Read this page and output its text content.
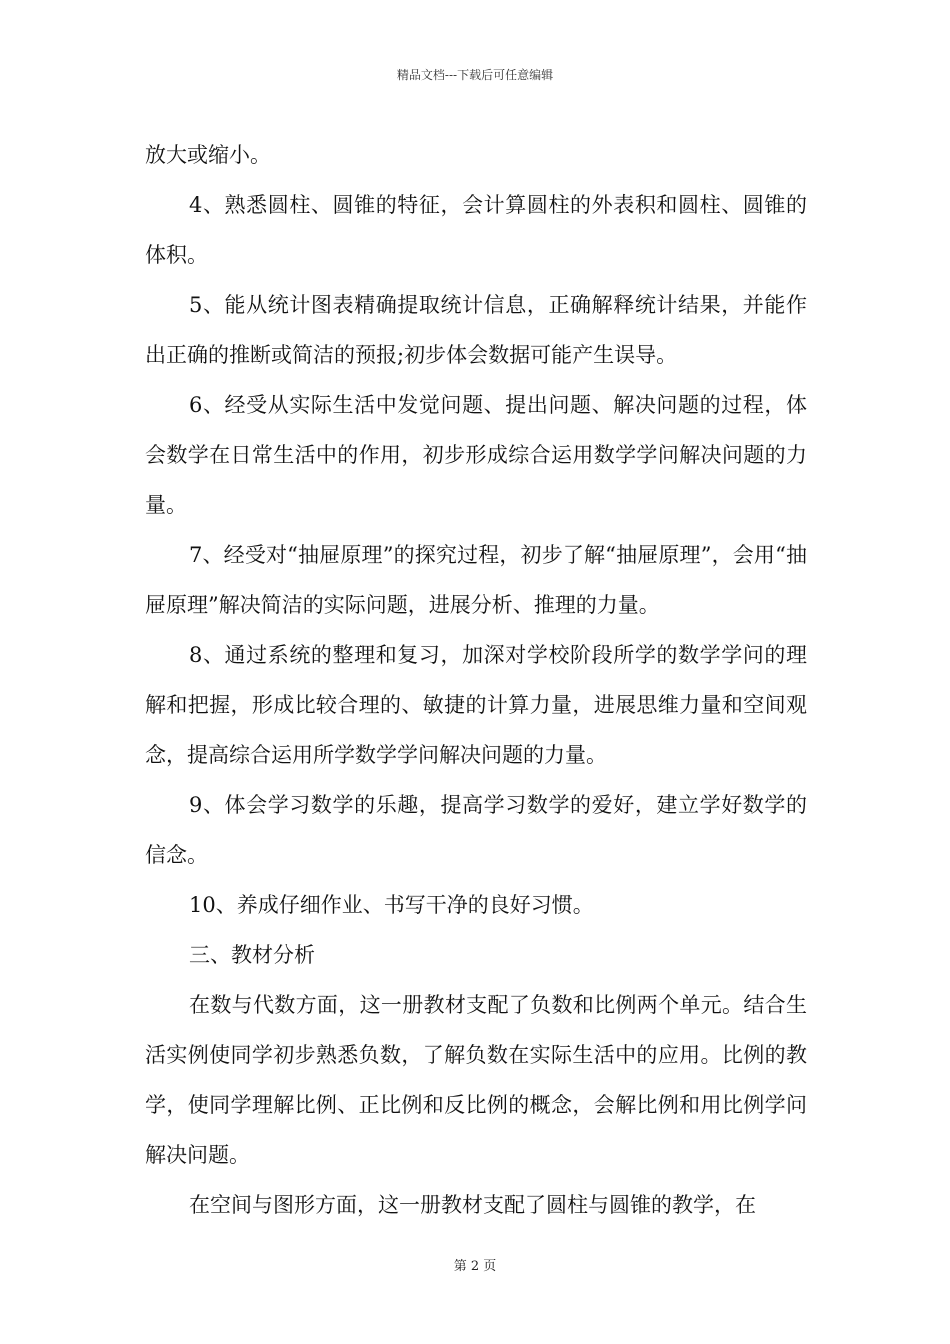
精品文档---下载后可任意编辑

放大或缩小。

4、熟悉圆柱、圆锥的特征，会计算圆柱的外表积和圆柱、圆锥的体积。

5、能从统计图表精确提取统计信息，正确解释统计结果，并能作出正确的推断或简洁的预报;初步体会数据可能产生误导。

6、经受从实际生活中发觉问题、提出问题、解决问题的过程，体会数学在日常生活中的作用，初步形成综合运用数学学问解决问题的力量。

7、经受对“抽屉原理”的探究过程，初步了解“抽屉原理”，会用“抽屉原理”解决简洁的实际问题，进展分析、推理的力量。

8、通过系统的整理和复习，加深对学校阶段所学的数学学问的理解和把握，形成比较合理的、敏捷的计算力量，进展思维力量和空间观念，提高综合运用所学数学学问解决问题的力量。

9、体会学习数学的乐趣，提高学习数学的爱好，建立学好数学的信念。

10、养成仔细作业、书写干净的良好习惯。

三、教材分析

在数与代数方面，这一册教材支配了负数和比例两个单元。结合生活实例使同学初步熟悉负数，了解负数在实际生活中的应用。比例的教学，使同学理解比例、正比例和反比例的概念，会解比例和用比例学问解决问题。

在空间与图形方面，这一册教材支配了圆柱与圆锥的教学，在

第 2 页
